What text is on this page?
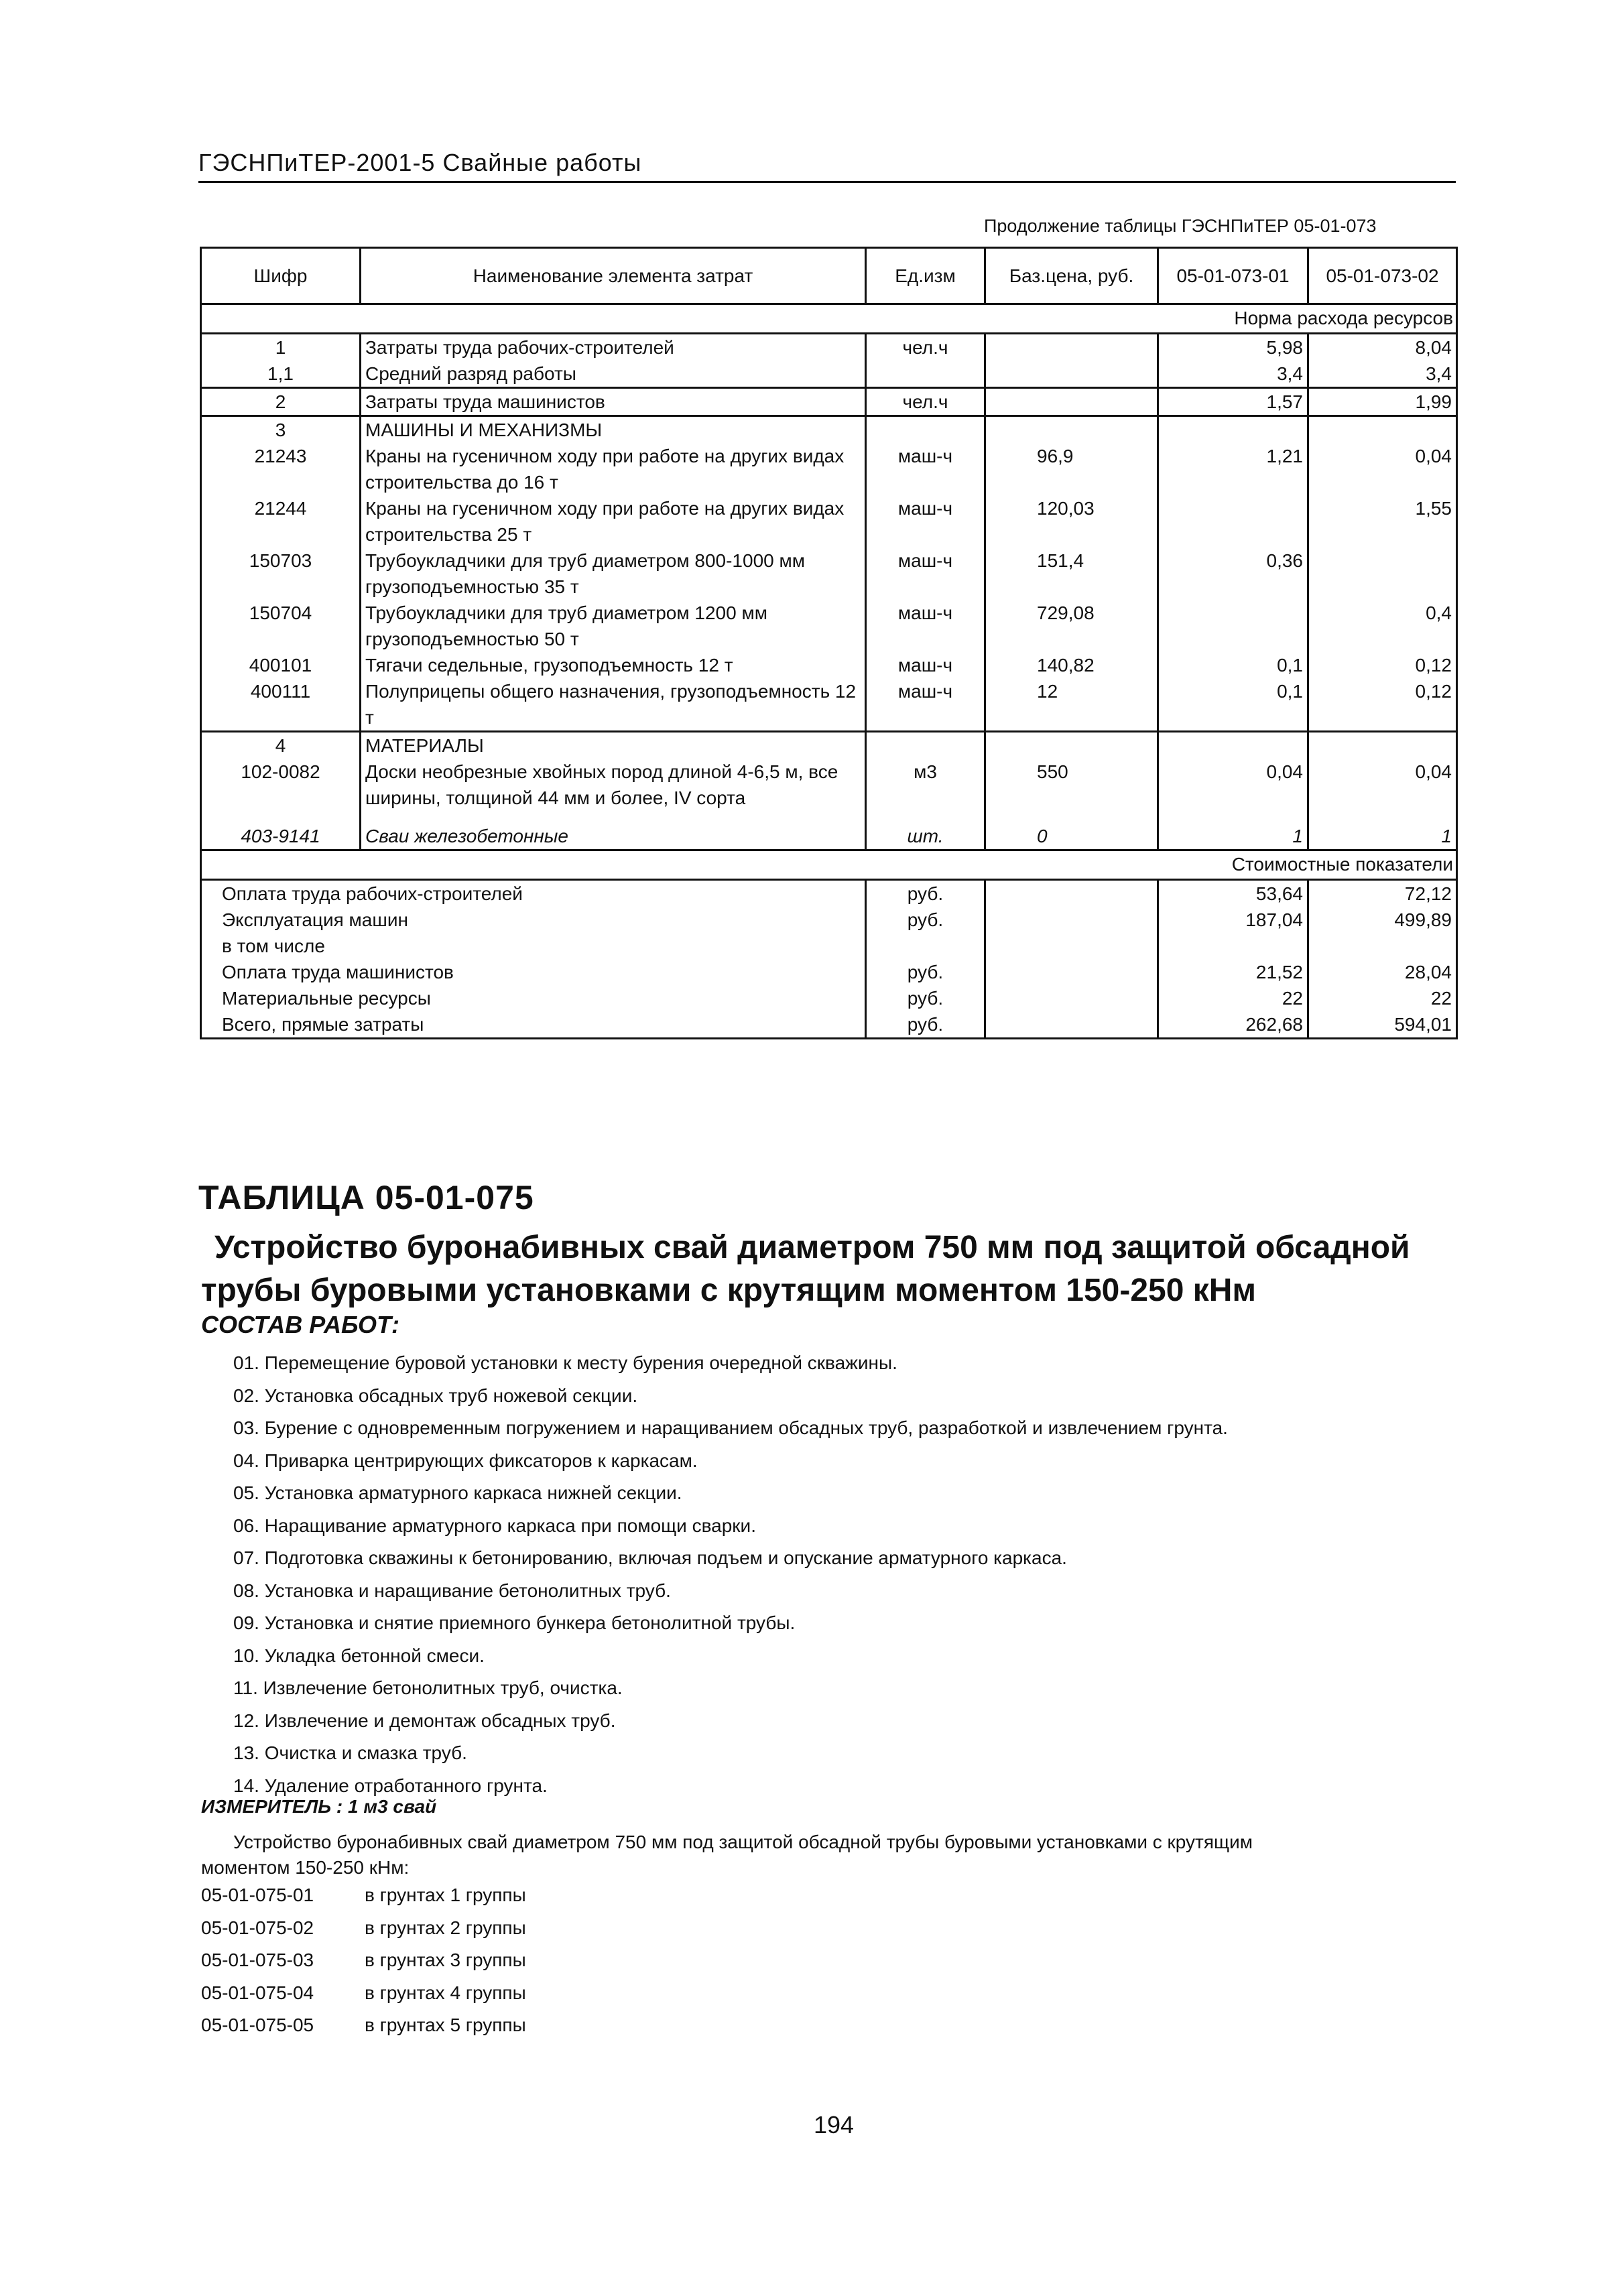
ГЭСНПиТЕР-2001-5 Свайные работы
Продолжение таблицы ГЭСНПиТЕР 05-01-073
Шифр	Наименование элемента затрат	Ед.изм	Баз.цена, руб.	05-01-073-01	05-01-073-02
Норма расхода ресурсов					
1	Затраты труда рабочих-строителей	чел.ч		5,98	8,04
1,1	Средний разряд работы			3,4	3,4
2	Затраты труда машинистов	чел.ч		1,57	1,99
3	МАШИНЫ И МЕХАНИЗМЫ				
21243	Краны на гусеничном ходу при работе на других видах строительства до 16 т	маш-ч	96,9	1,21	0,04
21244	Краны на гусеничном ходу при работе на других видах строительства 25 т	маш-ч	120,03		1,55
150703	Трубоукладчики для труб диаметром 800-1000 мм грузоподъемностью 35 т	маш-ч	151,4	0,36	
150704	Трубоукладчики для труб диаметром 1200 мм грузоподъемностью 50 т	маш-ч	729,08		0,4
400101	Тягачи седельные, грузоподъемность 12 т	маш-ч	140,82	0,1	0,12
400111	Полуприцепы общего назначения, грузоподъемность 12 т	маш-ч	12	0,1	0,12
4	МАТЕРИАЛЫ				
102-0082	Доски необрезные хвойных пород длиной 4-6,5 м, все ширины, толщиной 44 мм и более, IV сорта	м3	550	0,04	0,04

403-9141	Сваи железобетонные	шт.	0	1	1
Стоимостные показатели					
Оплата труда рабочих-строителей		руб.		53,64	72,12
Эксплуатация машин		руб.		187,04	499,89
в том числе					
Оплата труда машинистов		руб.		21,52	28,04
Материальные ресурсы		руб.		22	22
Всего, прямые затраты		руб.		262,68	594,01
ТАБЛИЦА 05-01-075
Устройство буронабивных свай диаметром 750 мм под защитой обсадной
трубы буровыми установками с крутящим моментом 150-250 кНм
СОСТАВ РАБОТ:
01. Перемещение буровой установки к месту бурения очередной скважины.
02. Установка обсадных труб ножевой секции.
03. Бурение с одновременным погружением и наращиванием обсадных труб, разработкой и извлечением грунта.
04. Приварка центрирующих фиксаторов к каркасам.
05. Установка арматурного каркаса нижней секции.
06. Наращивание арматурного каркаса при помощи сварки.
07. Подготовка скважины к бетонированию, включая подъем и опускание арматурного каркаса.
08. Установка и наращивание бетонолитных труб.
09. Установка и снятие приемного бункера бетонолитной трубы.
10. Укладка бетонной смеси.
11. Извлечение бетонолитных труб, очистка.
12. Извлечение и демонтаж обсадных труб.
13. Очистка и смазка труб.
14. Удаление отработанного грунта.
ИЗМЕРИТЕЛЬ : 1 м3 свай
Устройство буронабивных свай диаметром 750 мм под защитой обсадной трубы буровыми установками с крутящим
моментом 150-250 кНм:
05-01-075-01	в грунтах 1 группы
05-01-075-02	в грунтах 2 группы
05-01-075-03	в грунтах 3 группы
05-01-075-04	в грунтах 4 группы
05-01-075-05	в грунтах 5 группы
194
